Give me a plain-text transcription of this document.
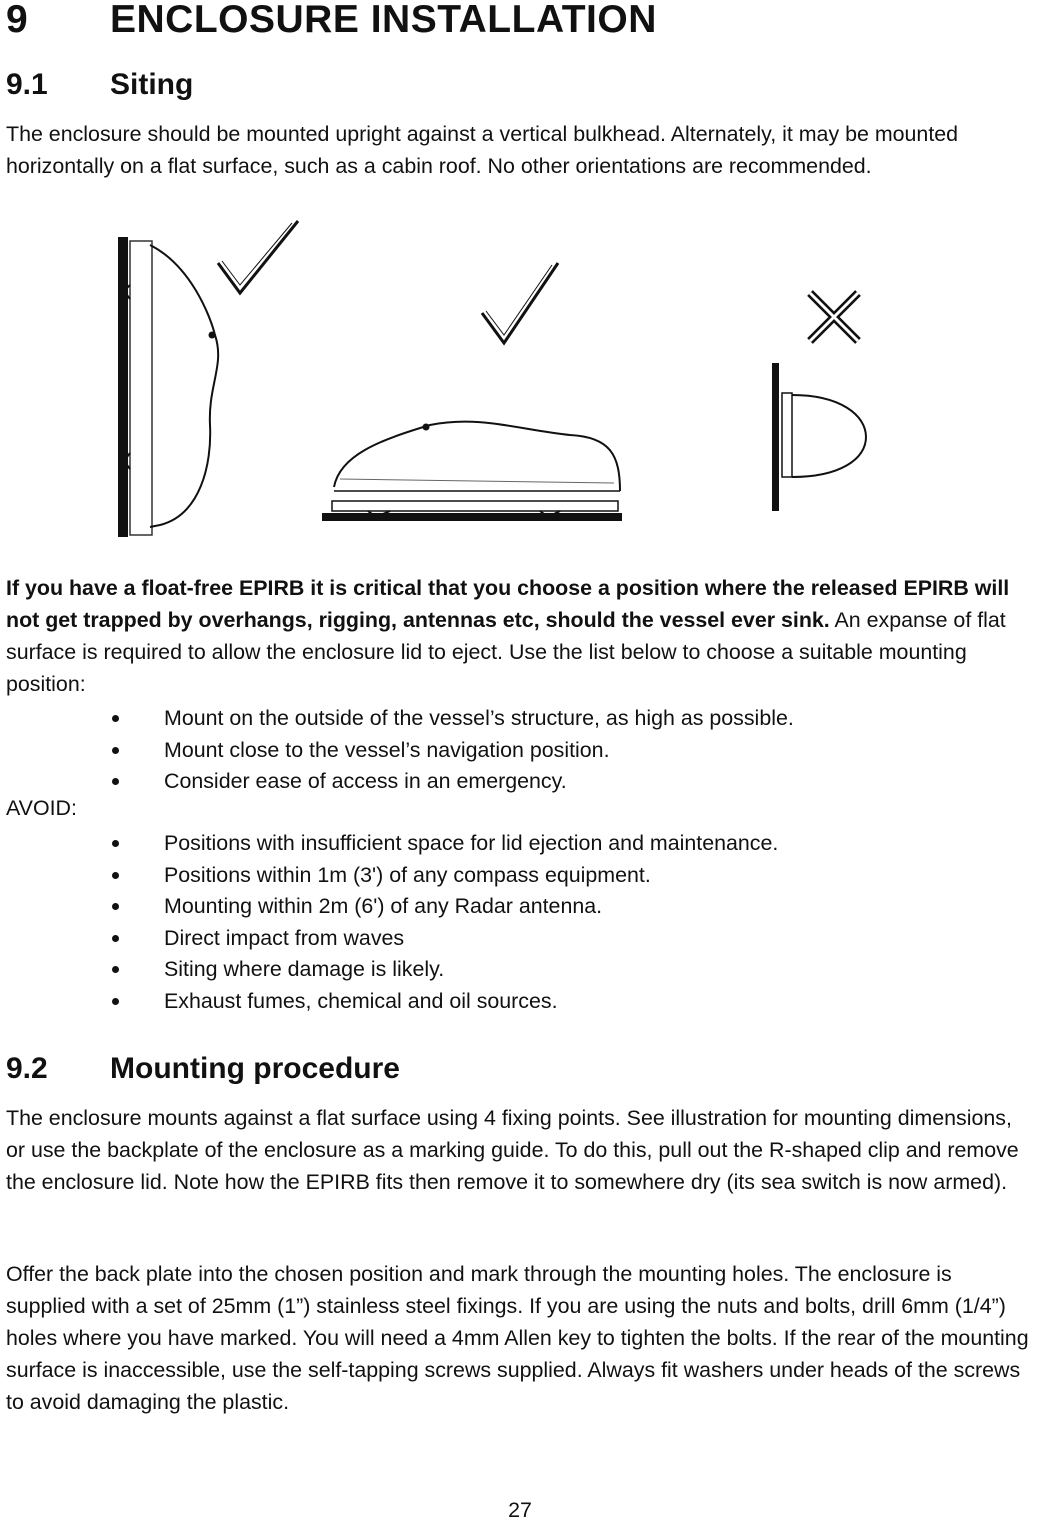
9 ENCLOSURE INSTALLATION
9.1 Siting

The enclosure should be mounted upright against a vertical bulkhead. Alternately, it may be mounted horizontally on a flat surface, such as a cabin roof. No other orientations are recommended.

If you have a float-free EPIRB it is critical that you choose a position where the released EPIRB will not get trapped by overhangs, rigging, antennas etc, should the vessel ever sink. An expanse of flat surface is required to allow the enclosure lid to eject. Use the list below to choose a suitable mounting position:

Mount on the outside of the vessel’s structure, as high as possible.
Mount close to the vessel’s navigation position.
Consider ease of access in an emergency.
AVOID:
Positions with insufficient space for lid ejection and maintenance.
Positions within 1m (3') of any compass equipment.
Mounting within 2m (6') of any Radar antenna.
Direct impact from waves
Siting where damage is likely.
Exhaust fumes, chemical and oil sources.
9.2 Mounting procedure

The enclosure mounts against a flat surface using 4 fixing points. See illustration for mounting dimensions, or use the backplate of the enclosure as a marking guide. To do this, pull out the R-shaped clip and remove the enclosure lid. Note how the EPIRB fits then remove it to somewhere dry (its sea switch is now armed).

Offer the back plate into the chosen position and mark through the mounting holes. The enclosure is supplied with a set of 25mm (1”) stainless steel fixings. If you are using the nuts and bolts, drill 6mm (1/4”) holes where you have marked. You will need a 4mm Allen key to tighten the bolts. If the rear of the mounting surface is inaccessible, use the self-tapping screws supplied. Always fit washers under heads of the screws to avoid damaging the plastic.

27
